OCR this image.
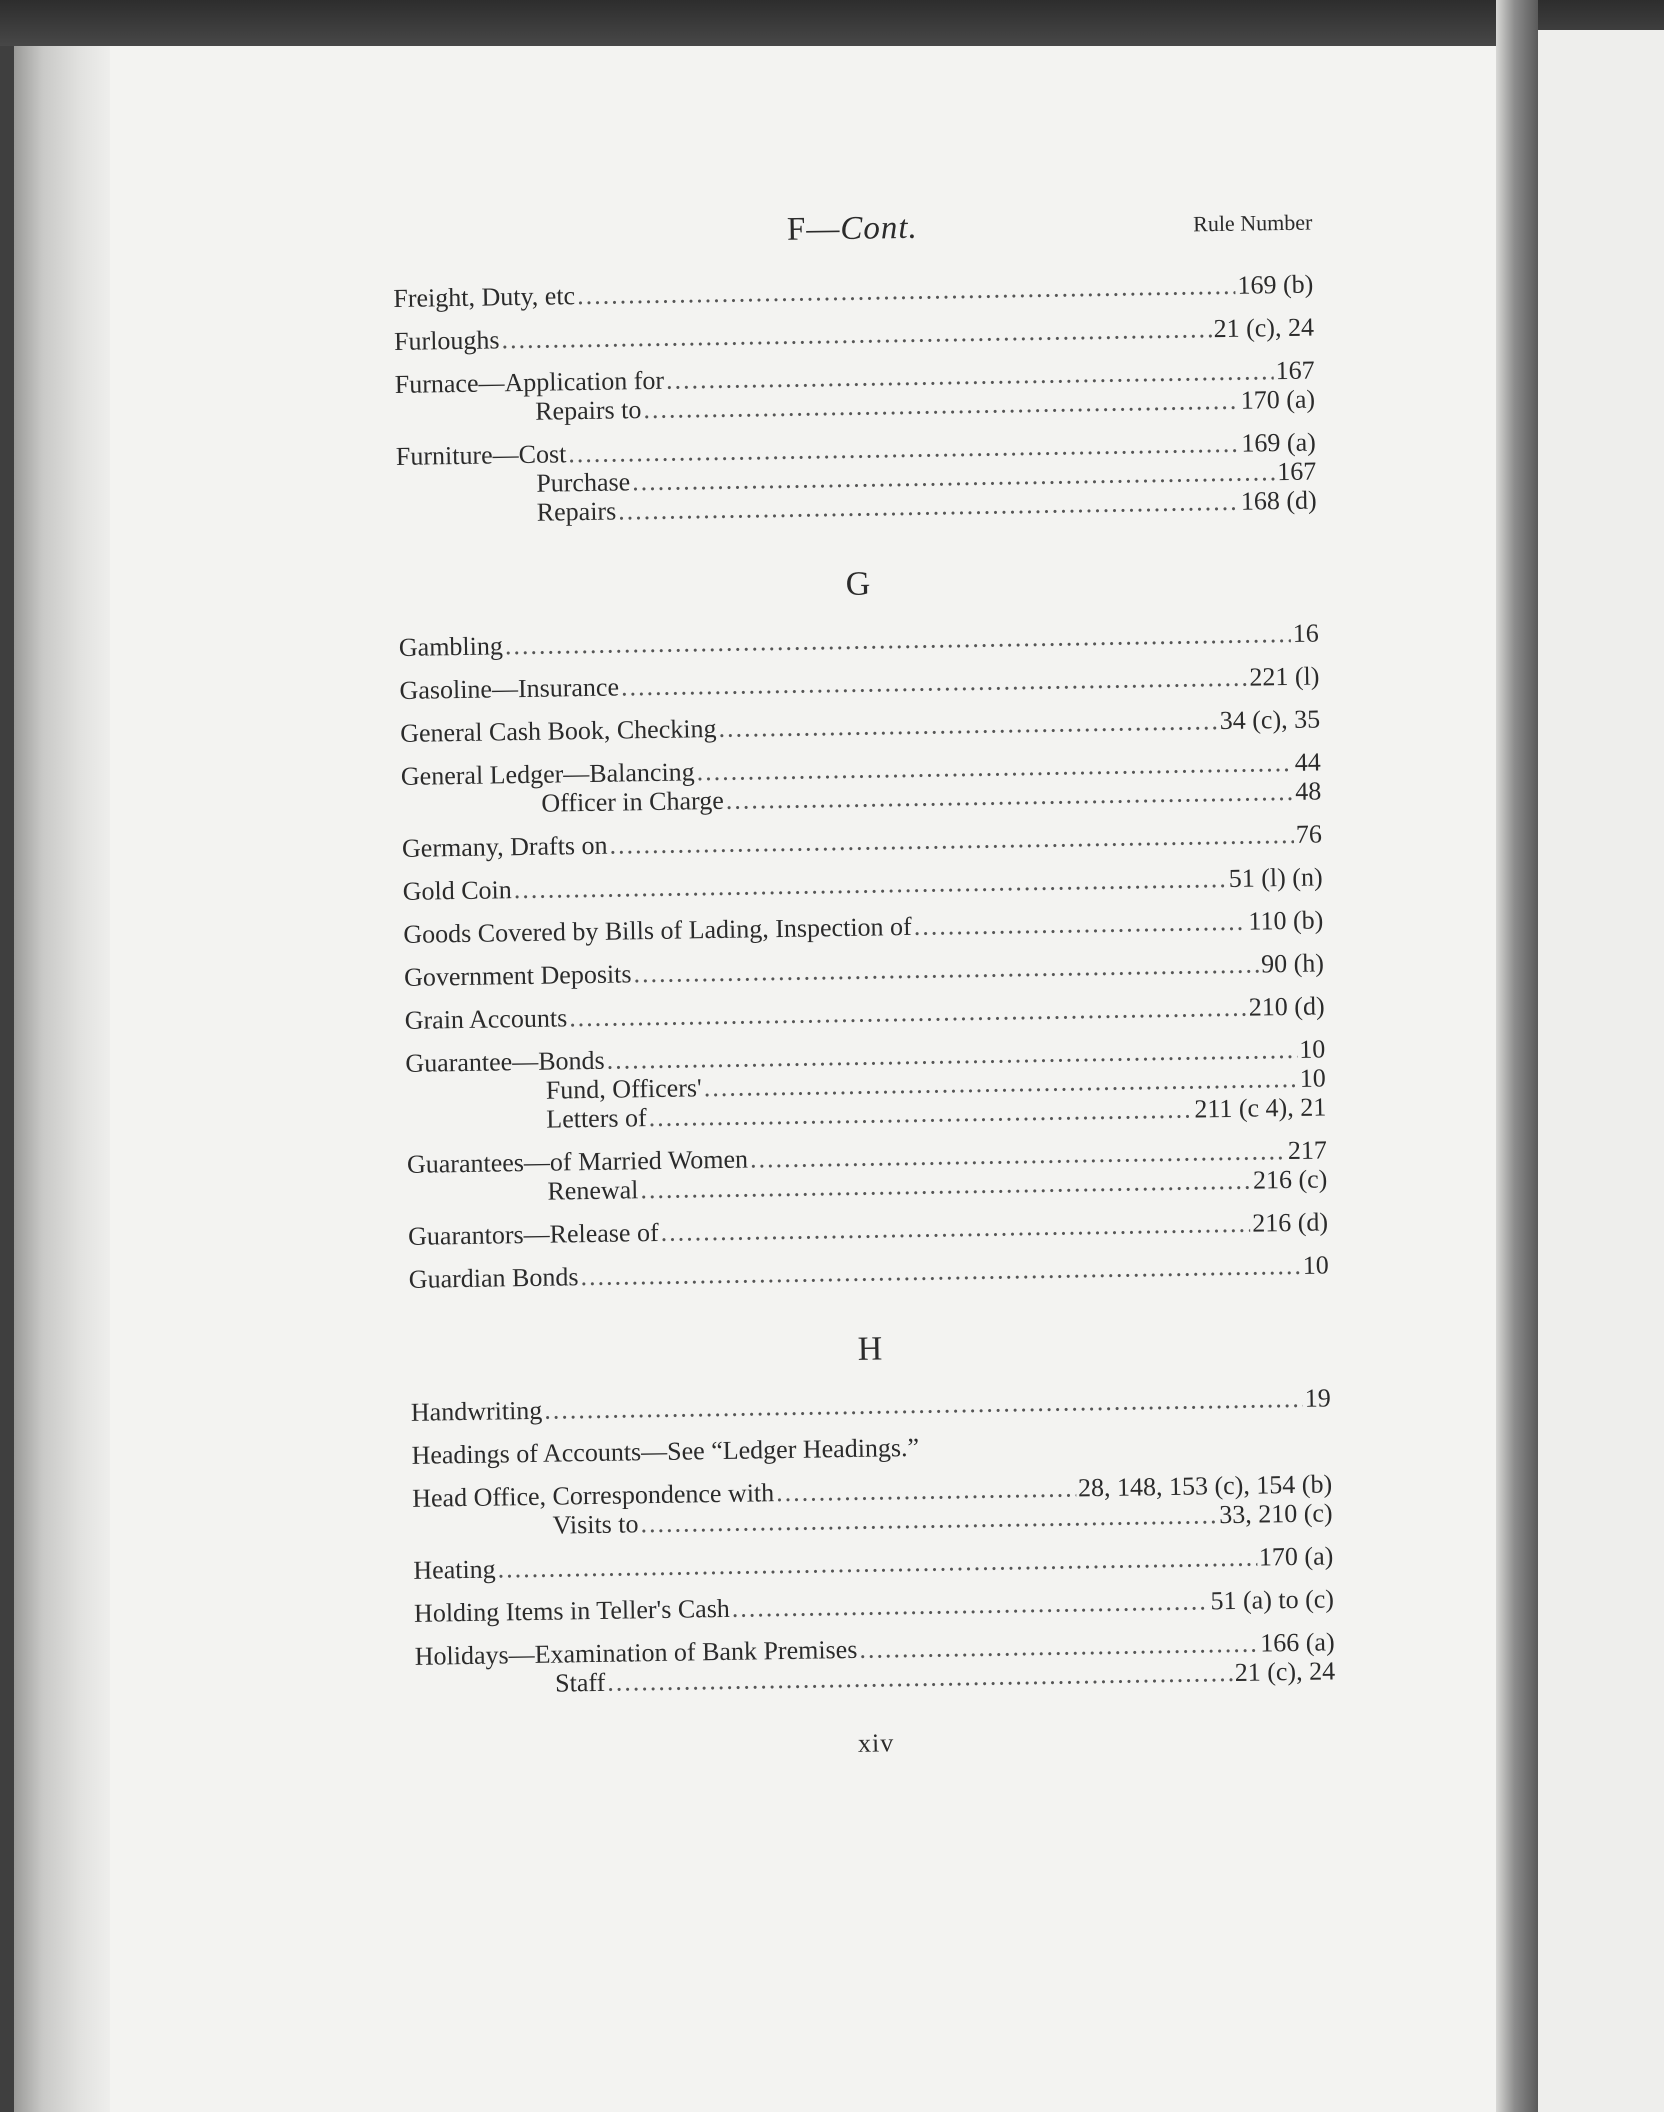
F—Cont.	Rule Number
Freight, Duty, etc .....	169 (b)
Furloughs .....	21 (c), 24
Furnace—Application for .....	167
Repairs to .....	170 (a)
Furniture—Cost .....	169 (a)
Purchase .....	167
Repairs .....	168 (d)
G
Gambling .....	16
Gasoline—Insurance .....	221 (l)
General Cash Book, Checking .....	34 (c), 35
General Ledger—Balancing .....	44
Officer in Charge .....	48
Germany, Drafts on .....	76
Gold Coin .....	51 (l) (n)
Goods Covered by Bills of Lading, Inspection of .....	110 (b)
Government Deposits .....	90 (h)
Grain Accounts .....	210 (d)
Guarantee—Bonds .....	10
Fund, Officers' .....	10
Letters of .....	211 (c 4), 21
Guarantees—of Married Women .....	217
Renewal .....	216 (c)
Guarantors—Release of .....	216 (d)
Guardian Bonds .....	10
H
Handwriting .....	19
Headings of Accounts—See “Ledger Headings.”
Head Office, Correspondence with .....	28, 148, 153 (c), 154 (b)
Visits to .....	33, 210 (c)
Heating .....	170 (a)
Holding Items in Teller's Cash .....	51 (a) to (c)
Holidays—Examination of Bank Premises .....	166 (a)
Staff .....	21 (c), 24
xiv
